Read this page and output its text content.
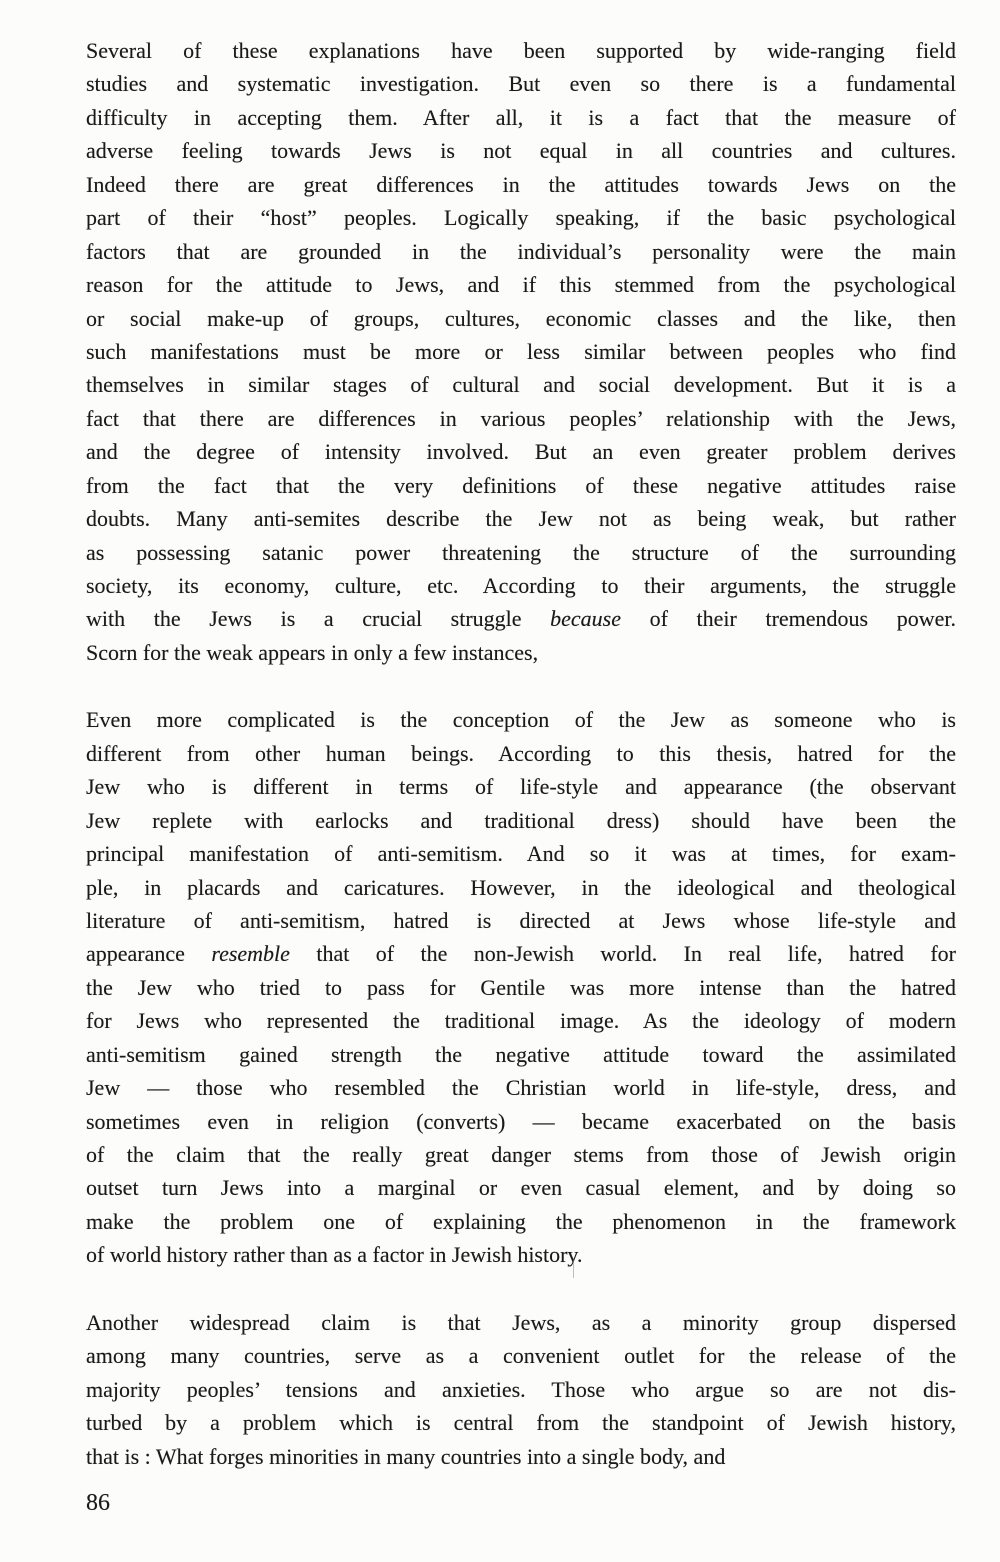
Several of these explanations have been supported by wide-ranging field
studies and systematic investigation. But even so there is a fundamental
difficulty in accepting them. After all, it is a fact that the measure of
adverse feeling towards Jews is not equal in all countries and cultures.
Indeed there are great differences in the attitudes towards Jews on the
part of their “host” peoples. Logically speaking, if the basic psychological
factors that are grounded in the individual’s personality were the main
reason for the attitude to Jews, and if this stemmed from the psychological
or social make-up of groups, cultures, economic classes and the like, then
such manifestations must be more or less similar between peoples who find
themselves in similar stages of cultural and social development. But it is a
fact that there are differences in various peoples’ relationship with the Jews,
and the degree of intensity involved. But an even greater problem derives
from the fact that the very definitions of these negative attitudes raise
doubts. Many anti-semites describe the Jew not as being weak, but rather
as possessing satanic power threatening the structure of the surrounding
society, its economy, culture, etc. According to their arguments, the struggle
with the Jews is a crucial struggle because of their tremendous power.
Scorn for the weak appears in only a few instances,
Even more complicated is the conception of the Jew as someone who is
different from other human beings. According to this thesis, hatred for the
Jew who is different in terms of life-style and appearance (the observant
Jew replete with earlocks and traditional dress) should have been the
principal manifestation of anti-semitism. And so it was at times, for exam-
ple, in placards and caricatures. However, in the ideological and theological
literature of anti-semitism, hatred is directed at Jews whose life-style and
appearance resemble that of the non-Jewish world. In real life, hatred for
the Jew who tried to pass for Gentile was more intense than the hatred
for Jews who represented the traditional image. As the ideology of modern
anti-semitism gained strength the negative attitude toward the assimilated
Jew — those who resembled the Christian world in life-style, dress, and
sometimes even in religion (converts) — became exacerbated on the basis
of the claim that the really great danger stems from those of Jewish origin
outset turn Jews into a marginal or even casual element, and by doing so
make the problem one of explaining the phenomenon in the framework
of world history rather than as a factor in Jewish history.
Another widespread claim is that Jews, as a minority group dispersed
among many countries, serve as a convenient outlet for the release of the
majority peoples’ tensions and anxieties. Those who argue so are not dis-
turbed by a problem which is central from the standpoint of Jewish history,
that is : What forges minorities in many countries into a single body, and
86
